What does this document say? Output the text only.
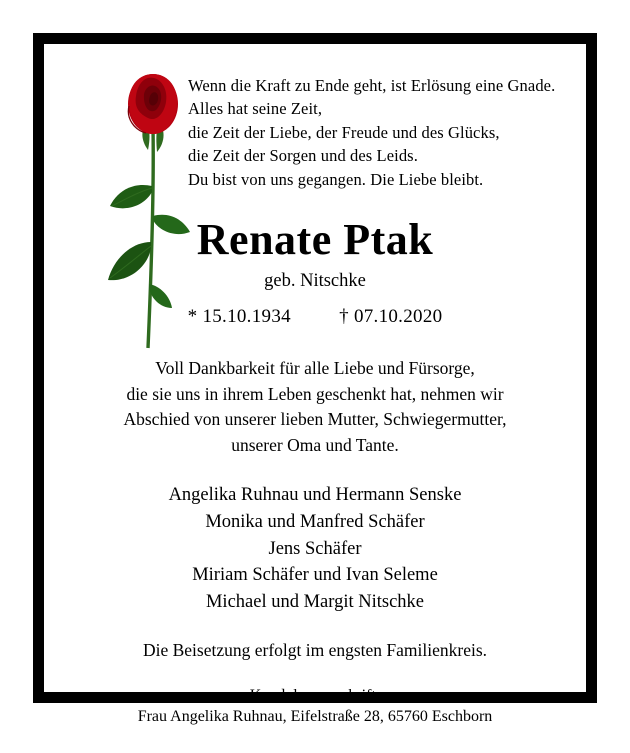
Wenn die Kraft zu Ende geht, ist Erlösung eine Gnade.
Alles hat seine Zeit,
die Zeit der Liebe, der Freude und des Glücks,
die Zeit der Sorgen und des Leids.
Du bist von uns gegangen. Die Liebe bleibt.
Renate Ptak
geb. Nitschke
* 15.10.1934	† 07.10.2020
Voll Dankbarkeit für alle Liebe und Fürsorge,
die sie uns in ihrem Leben geschenkt hat, nehmen wir
Abschied von unserer lieben Mutter, Schwiegermutter,
unserer Oma und Tante.
Angelika Ruhnau und Hermann Senske
Monika und Manfred Schäfer
Jens Schäfer
Miriam Schäfer und Ivan Seleme
Michael und Margit Nitschke
Die Beisetzung erfolgt im engsten Familienkreis.
Kondolenzanschrift:
Frau Angelika Ruhnau, Eifelstraße 28, 65760 Eschborn
